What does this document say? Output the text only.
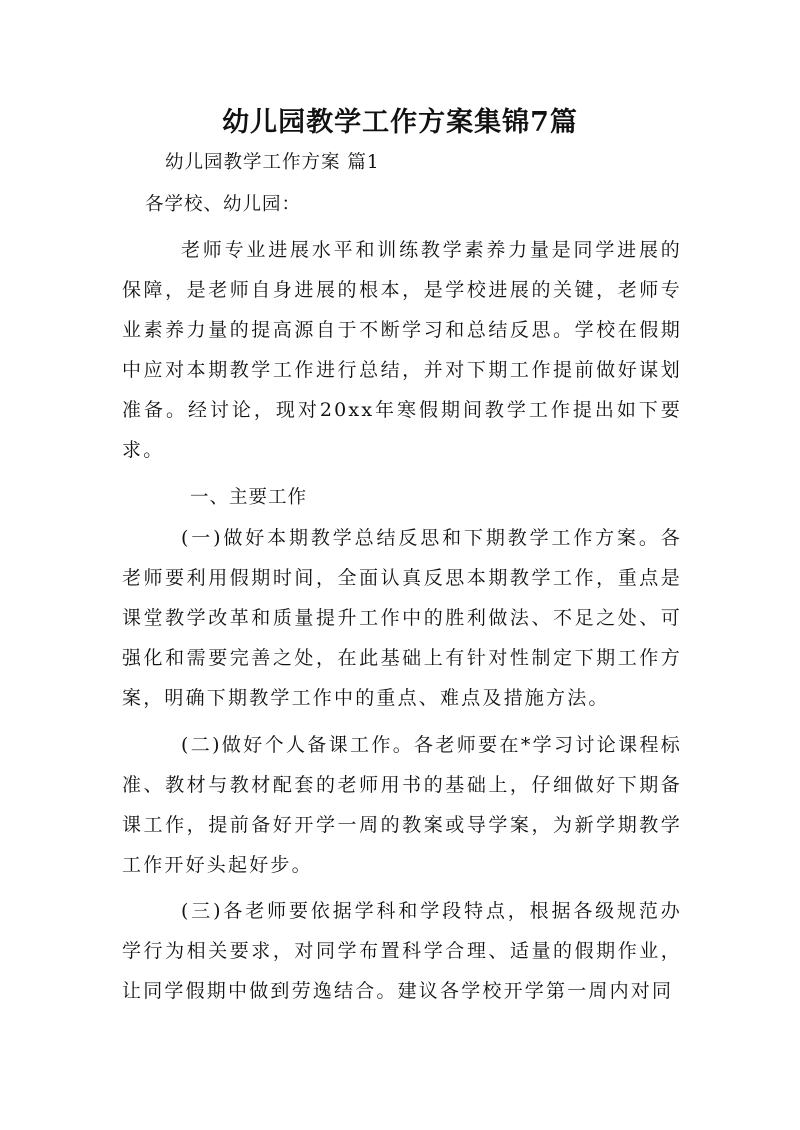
幼儿园教学工作方案集锦7篇
幼儿园教学工作方案 篇1
各学校、幼儿园：

老师专业进展水平和训练教学素养力量是同学进展的保障，是老师自身进展的根本，是学校进展的关键，老师专业素养力量的提高源自于不断学习和总结反思。学校在假期中应对本期教学工作进行总结，并对下期工作提前做好谋划准备。经讨论，现对20xx年寒假期间教学工作提出如下要求。

一、主要工作

(一)做好本期教学总结反思和下期教学工作方案。各老师要利用假期时间，全面认真反思本期教学工作，重点是课堂教学改革和质量提升工作中的胜利做法、不足之处、可强化和需要完善之处，在此基础上有针对性制定下期工作方案，明确下期教学工作中的重点、难点及措施方法。

(二)做好个人备课工作。各老师要在*学习讨论课程标准、教材与教材配套的老师用书的基础上，仔细做好下期备课工作，提前备好开学一周的教案或导学案，为新学期教学工作开好头起好步。

(三)各老师要依据学科和学段特点，根据各级规范办学行为相关要求，对同学布置科学合理、适量的假期作业，让同学假期中做到劳逸结合。建议各学校开学第一周内对同
